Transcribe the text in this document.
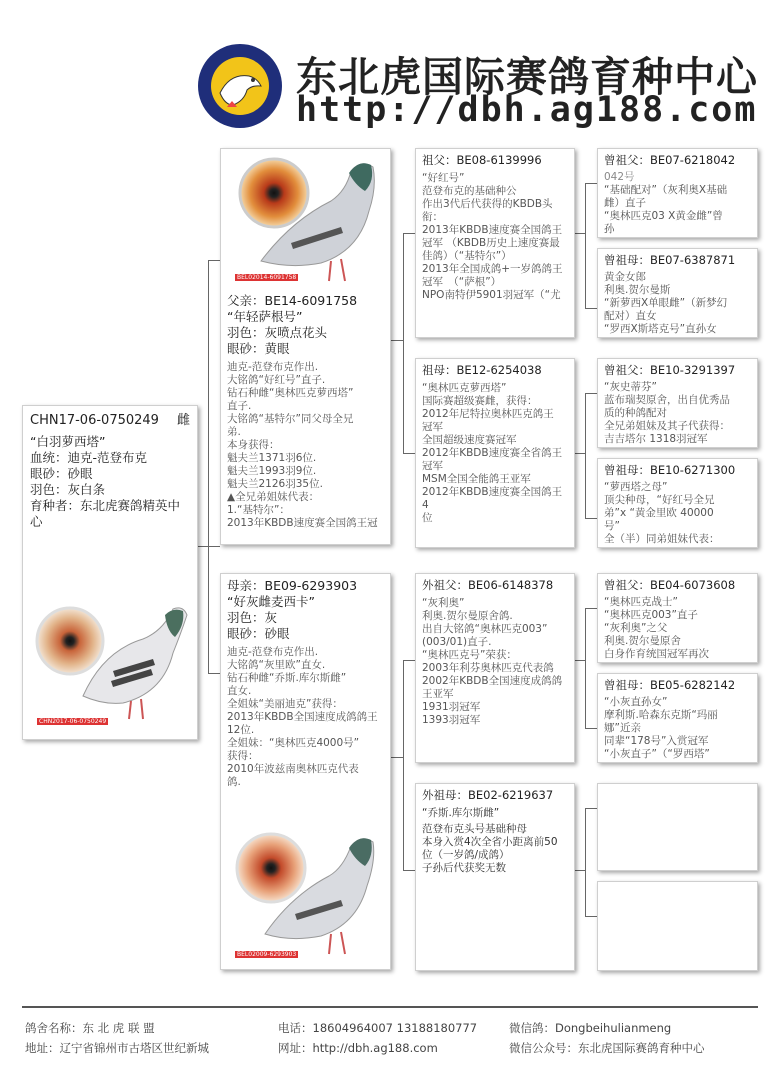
东北虎国际赛鸽育种中心
http://dbh.ag188.com
CHN17-06-0750249 雌
“白羽萝西塔”
血统：迪克-范登布克
眼砂：砂眼
羽色：灰白条
育种者：东北虎赛鸽精英中心
CHN2017-06-0750249
BEL02014-6091758
父亲：BE14-6091758
“年轻萨根号”
羽色：灰喷点花头
眼砂：黄眼
迪克-范登布克作出.
大铭鸽“好红号”直子.
钻石种雌“奥林匹克萝西塔”
直子.
大铭鸽“基特尔”同父母全兄
弟.
本身获得：
魁夫兰1371羽6位.
魁夫兰1993羽9位.
魁夫兰2126羽35位.
▲全兄弟姐妹代表：
1.“基特尔”：
2013年KBDB速度赛全国鸽王冠
母亲：BE09-6293903
“好灰雌麦西卡”
羽色：灰
眼砂：砂眼
迪克-范登布克作出.
大铭鸽“灰里欧”直女.
钻石种雌“乔斯.库尔斯雌”
直女.
全姐妹“美丽迪克”获得：
2013年KBDB全国速度成鸽鸽王
12位.
全姐妹：“奥林匹克4000号”
获得：
2010年波兹南奥林匹克代表
鸽.
BEL02009-6293903
祖父：BE08-6139996
“好红号”
范登布克的基础种公
作出3代后代获得的KBDB头
衔：
2013年KBDB速度赛全国鸽王
冠军 （KBDB历史上速度赛最
佳鸽）（“基特尔”）
2013年全国成鸽+一岁鸽鸽王
冠军　（“萨根”）
NPO南特伊5901羽冠军（“尤
祖母：BE12-6254038
“奥林匹克萝西塔”
国际赛超级赛雌，获得：
2012年尼特拉奥林匹克鸽王
冠军
全国超级速度赛冠军
2012年KBDB速度赛全省鸽王
冠军
MSM全国全能鸽王亚军
2012年KBDB速度赛全国鸽王4
位
外祖父：BE06-6148378
“灰利奥”
利奥.贺尔曼原舍鸽.
出自大铭鸽“奥林匹克003”
(003/01)直子.
“奥林匹克号”荣获：
2003年利芬奥林匹克代表鸽
2002年KBDB全国速度成鸽鸽
王亚军
1931羽冠军
1393羽冠军
外祖母：BE02-6219637
“乔斯.库尔斯雌”
范登布克头号基础种母
本身入赏4次全省小距离前50
位（一岁鸽/成鸽）
子孙后代获奖无数
曾祖父：BE07-6218042
042号
“基础配对”（灰利奥X基础
雌）直子
“奥林匹克03 X黄金雌”曾
孙
曾祖母：BE07-6387871
黄金女郎
利奥.贺尔曼斯
“新萝西X单眼雌”（新梦幻
配对）直女
“罗西X斯塔克号”直孙女
曾祖父：BE10-3291397
“灰史蒂芬”
蓝布瑞契原舍，出自优秀品
质的种鸽配对
全兄弟姐妹及其子代获得：
吉吉塔尔 1318羽冠军
曾祖母：BE10-6271300
“萝西塔之母”
顶尖种母，“好红号全兄
弟”x “黄金里欧 40000
号”
全（半）同弟姐妹代表：
曾祖父：BE04-6073608
“奥林匹克战士”
“奥林匹克003”直子
“灰利奥”之父
利奥.贺尔曼原舍
白身作育统国冠军再次
曾祖母：BE05-6282142
“小灰直孙女”
摩利斯.哈森东克斯“玛丽
娜”近亲
同辈“178号”入赏冠军
“小灰直子”（“罗西塔”
鸽舍名称：东 北 虎 联 盟	电话：18604964007 13188180777	微信鸽：Dongbeihulianmeng
地址：辽宁省锦州市古塔区世纪新城	网址：http://dbh.ag188.com	微信公众号：东北虎国际赛鸽育种中心
